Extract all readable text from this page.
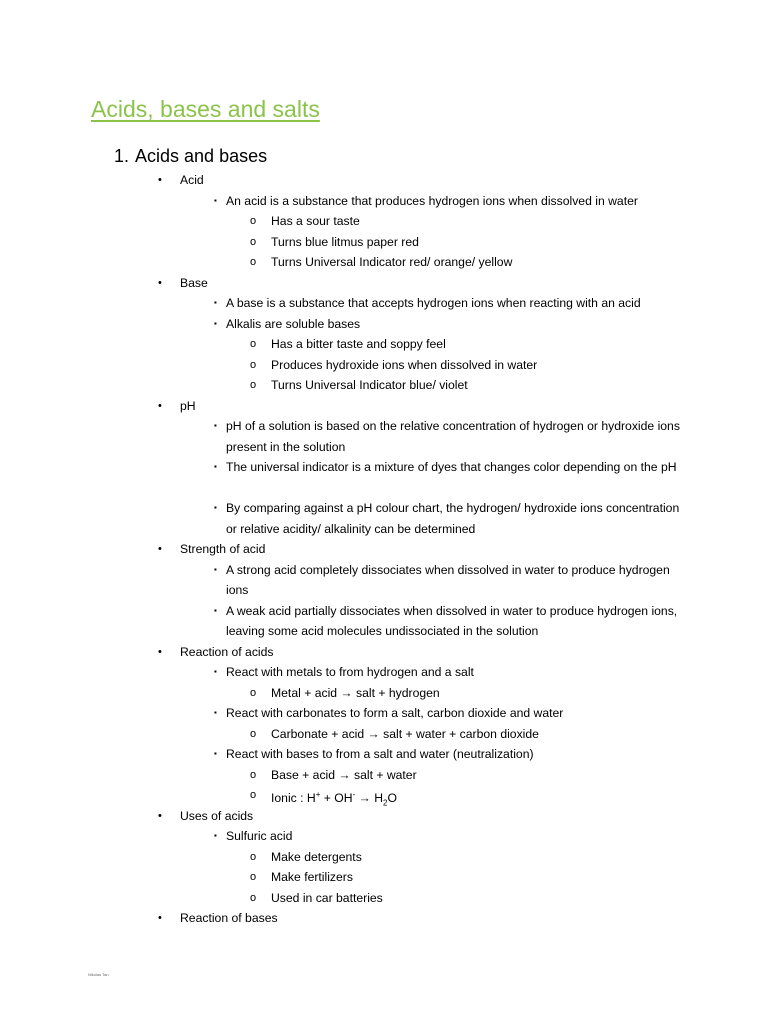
Acids, bases and salts
1. Acids and bases
• Acid
▪ An acid is a substance that produces hydrogen ions when dissolved in water
o Has a sour taste
o Turns blue litmus paper red
o Turns Universal Indicator red/ orange/ yellow
• Base
▪ A base is a substance that accepts hydrogen ions when reacting with an acid
▪ Alkalis are soluble bases
o Has a bitter taste and soppy feel
o Produces hydroxide ions when dissolved in water
o Turns Universal Indicator blue/ violet
• pH
▪ pH of a solution is based on the relative concentration of hydrogen or hydroxide ions present in the solution
▪ The universal indicator is a mixture of dyes that changes color depending on the pH
▪ By comparing against a pH colour chart, the hydrogen/ hydroxide ions concentration or relative acidity/ alkalinity can be determined
• Strength of acid
▪ A strong acid completely dissociates when dissolved in water to produce hydrogen ions
▪ A weak acid partially dissociates when dissolved in water to produce hydrogen ions, leaving some acid molecules undissociated in the solution
• Reaction of acids
▪ React with metals to from hydrogen and a salt
o Metal + acid → salt + hydrogen
▪ React with carbonates to form a salt, carbon dioxide and water
o Carbonate + acid → salt + water + carbon dioxide
▪ React with bases to from a salt and water (neutralization)
o Base + acid → salt + water
o Ionic : $H^+ + OH^- \to H_2O$
• Uses of acids
▪ Sulfuric acid
o Make detergents
o Make fertilizers
o Used in car batteries
• Reaction of bases
Nikolas Tan
